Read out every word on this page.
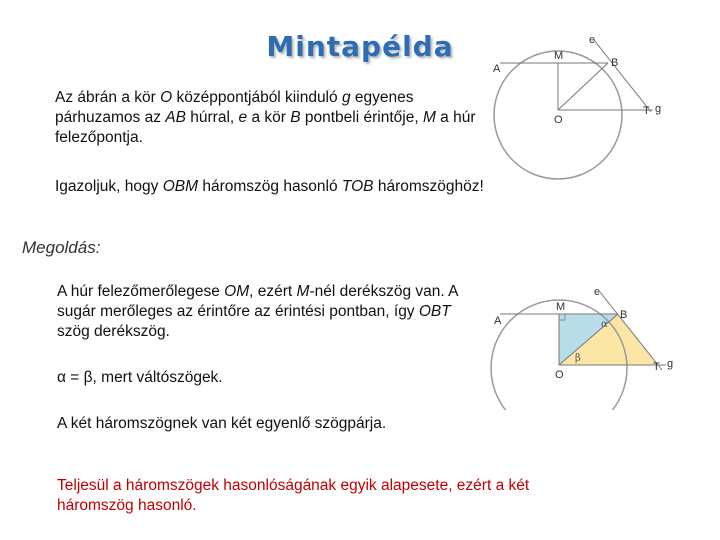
Mintapélda

Az ábrán a kör O középpontjából kiinduló g egyenes párhuzamos az AB húrral, e a kör B pontbeli érintője, M a húr felezőpontja.

Igazoljuk, hogy OBM háromszög hasonló TOB háromszöghöz!

A
M
B
O
T g
e

Megoldás:

A húr felezőmerőlegese OM, ezért M-nél derékszög van. A sugár merőleges az érintőre az érintési pontban, így OBT szög derékszög.

α = β, mert váltószögek.

A két háromszögnek van két egyenlő szögpárja.

Teljesül a háromszögek hasonlóságának egyik alapesete, ezért a két háromszög hasonló.

A
M
B
O
T g
e
α
β
